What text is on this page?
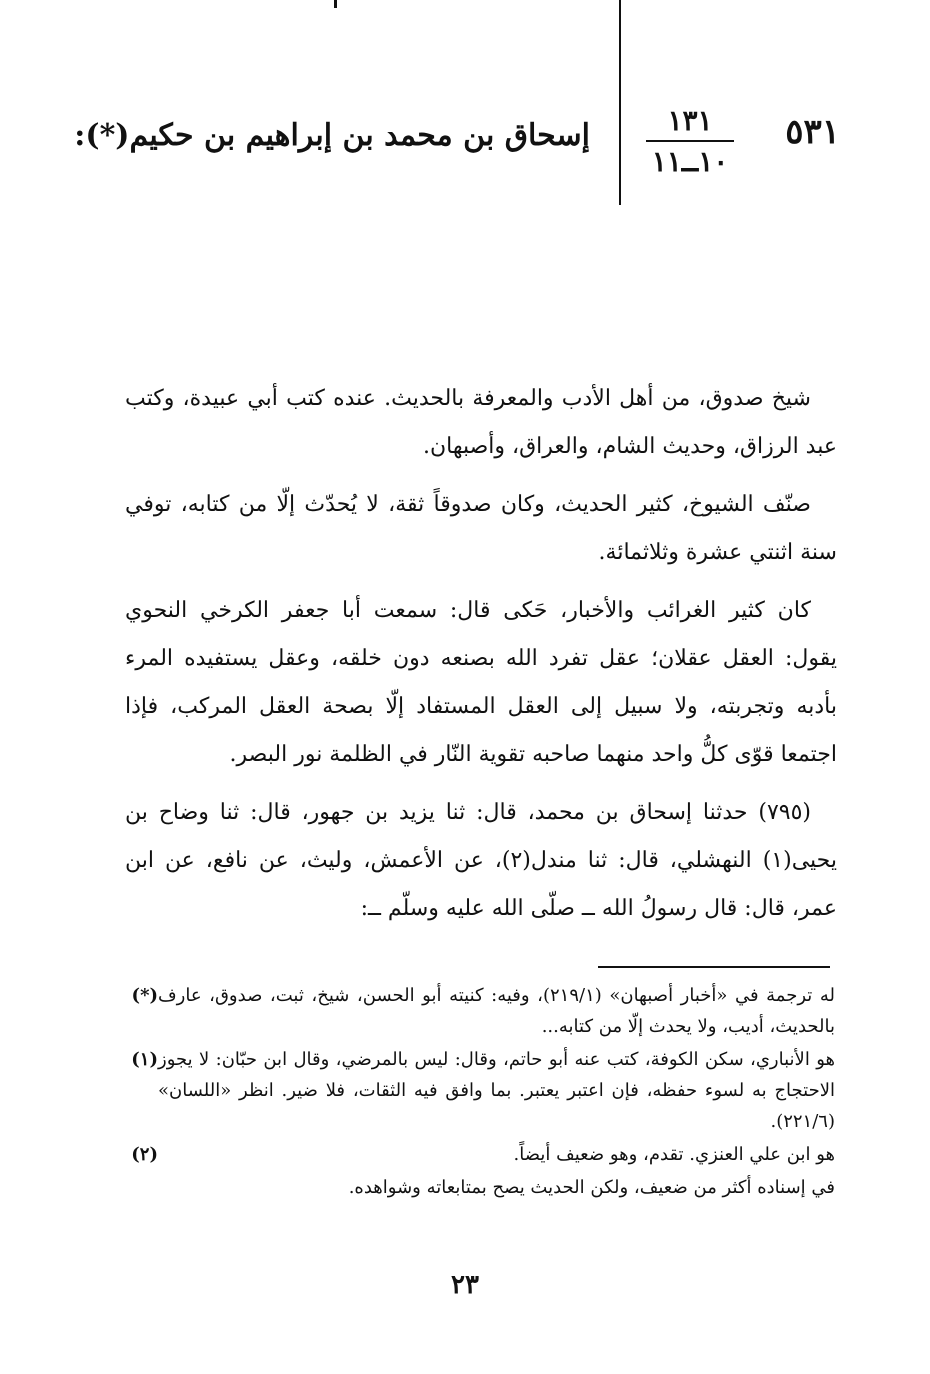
٥٣١
١٣١
١٠ــ١١
إسحاق بن محمد بن إبراهيم بن حكيم(*):

شيخ صدوق، من أهل الأدب والمعرفة بالحديث. عنده كتب أبي عبيدة، وكتب عبد الرزاق، وحديث الشام، والعراق، وأصبهان.

صنّف الشيوخ، كثير الحديث، وكان صدوقاً ثقة، لا يُحدّث إلّا من كتابه، توفي سنة اثنتي عشرة وثلاثمائة.

كان كثير الغرائب والأخبار، حَكى قال: سمعت أبا جعفر الكرخي النحوي يقول: العقل عقلان؛ عقل تفرد الله بصنعه دون خلقه، وعقل يستفيده المرء بأدبه وتجربته، ولا سبيل إلى العقل المستفاد إلّا بصحة العقل المركب، فإذا اجتمعا قوّى كلُّ واحد منهما صاحبه تقوية النّار في الظلمة نور البصر.

(٧٩٥) حدثنا إسحاق بن محمد، قال: ثنا يزيد بن جهور، قال: ثنا وضاح بن يحيى(١) النهشلي، قال: ثنا مندل(٢)، عن الأعمش، وليث، عن نافع، عن ابن عمر، قال: قال رسولُ الله ــ صلّى الله عليه وسلّم ــ:

(*) له ترجمة في «أخبار أصبهان» (٢١٩/١)، وفيه: كنيته أبو الحسن، شيخ، ثبت، صدوق، عارف بالحديث، أديب، ولا يحدث إلّا من كتابه...
(١) هو الأنباري، سكن الكوفة، كتب عنه أبو حاتم، وقال: ليس بالمرضي، وقال ابن حبّان: لا يجوز الاحتجاج به لسوء حفظه، فإن اعتبر يعتبر. بما وافق فيه الثقات، فلا ضير. انظر «اللسان» (٢٢١/٦).
(٢)	هو ابن علي العنزي. تقدم، وهو ضعيف أيضاً.
في إسناده أكثر من ضعيف، ولكن الحديث يصح بمتابعاته وشواهده.
٢٣
